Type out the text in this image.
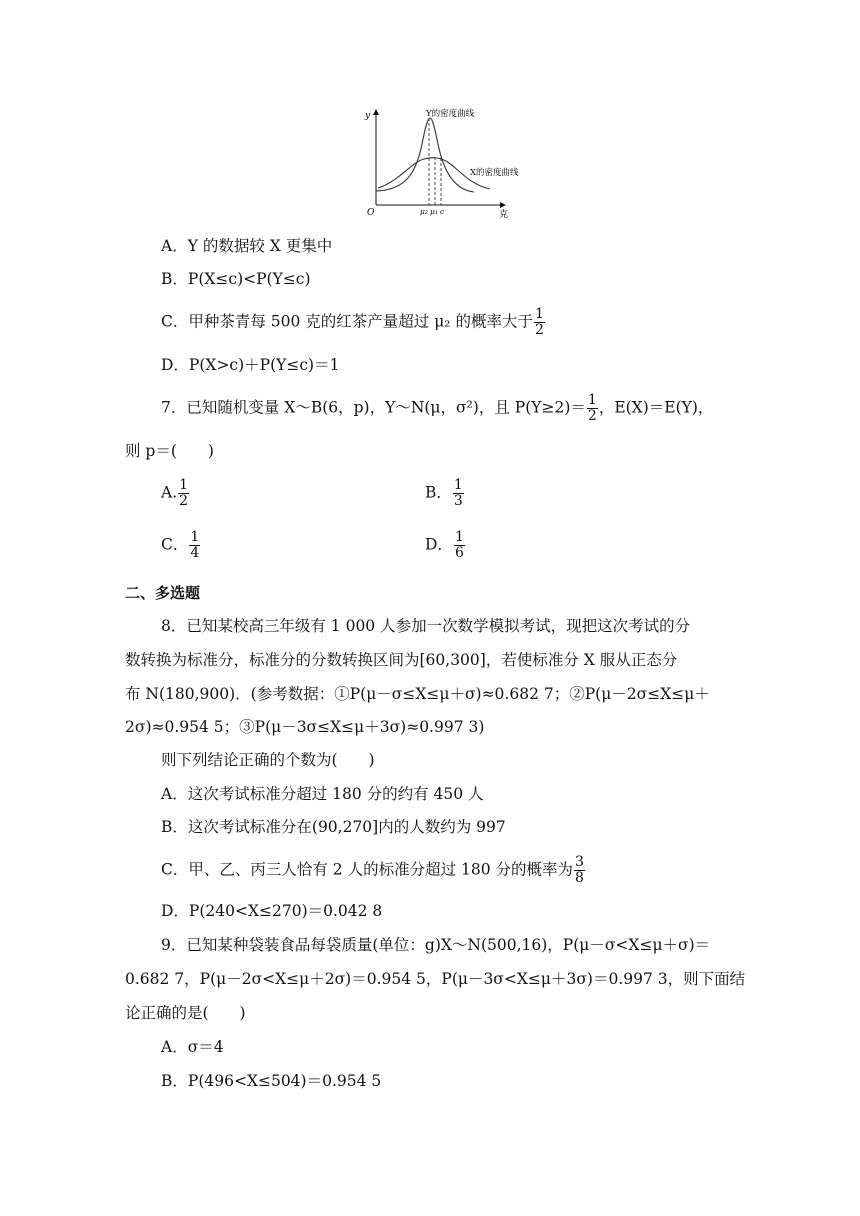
y
克
O
Y的密度曲线
X的密度曲线
μ₂ μ₁ c
A．Y 的数据较 X 更集中
B．P(X≤c)<P(Y≤c)
C．甲种茶青每 500 克的红茶产量超过 μ₂ 的概率大于 $\frac{1}{2}$
D．P(X>c)＋P(Y≤c)＝1
7．已知随机变量 X～B(6，p)，Y～N(μ，σ²)，且 $P(Y\ge 2)= \frac{1}{2}$ ，E(X)＝E(Y)，
则 p＝(　　)
A. $\frac{1}{2}$	B． $\frac{1}{3}$
C． $\frac{1}{4}$	D． $\frac{1}{6}$
二、多选题
8．已知某校高三年级有 1 000 人参加一次数学模拟考试，现把这次考试的分
数转换为标准分，标准分的分数转换区间为[60,300]，若使标准分 X 服从正态分
布 N(180,900)．(参考数据：①P(μ－σ≤X≤μ＋σ)≈0.682 7；②P(μ－2σ≤X≤μ＋
2σ)≈0.954 5；③P(μ－3σ≤X≤μ＋3σ)≈0.997 3)
则下列结论正确的个数为(　　)
A．这次考试标准分超过 180 分的约有 450 人
B．这次考试标准分在(90,270]内的人数约为 997
C．甲、乙、丙三人恰有 2 人的标准分超过 180 分的概率为 $\frac{3}{8}$
D．P(240<X≤270)＝0.042 8
9．已知某种袋装食品每袋质量(单位：g)X～N(500,16)，P(μ－σ<X≤μ＋σ)＝
0.682 7，P(μ－2σ<X≤μ＋2σ)＝0.954 5，P(μ－3σ<X≤μ＋3σ)＝0.997 3，则下面结
论正确的是(　　)
A．σ＝4
B．P(496<X≤504)＝0.954 5
